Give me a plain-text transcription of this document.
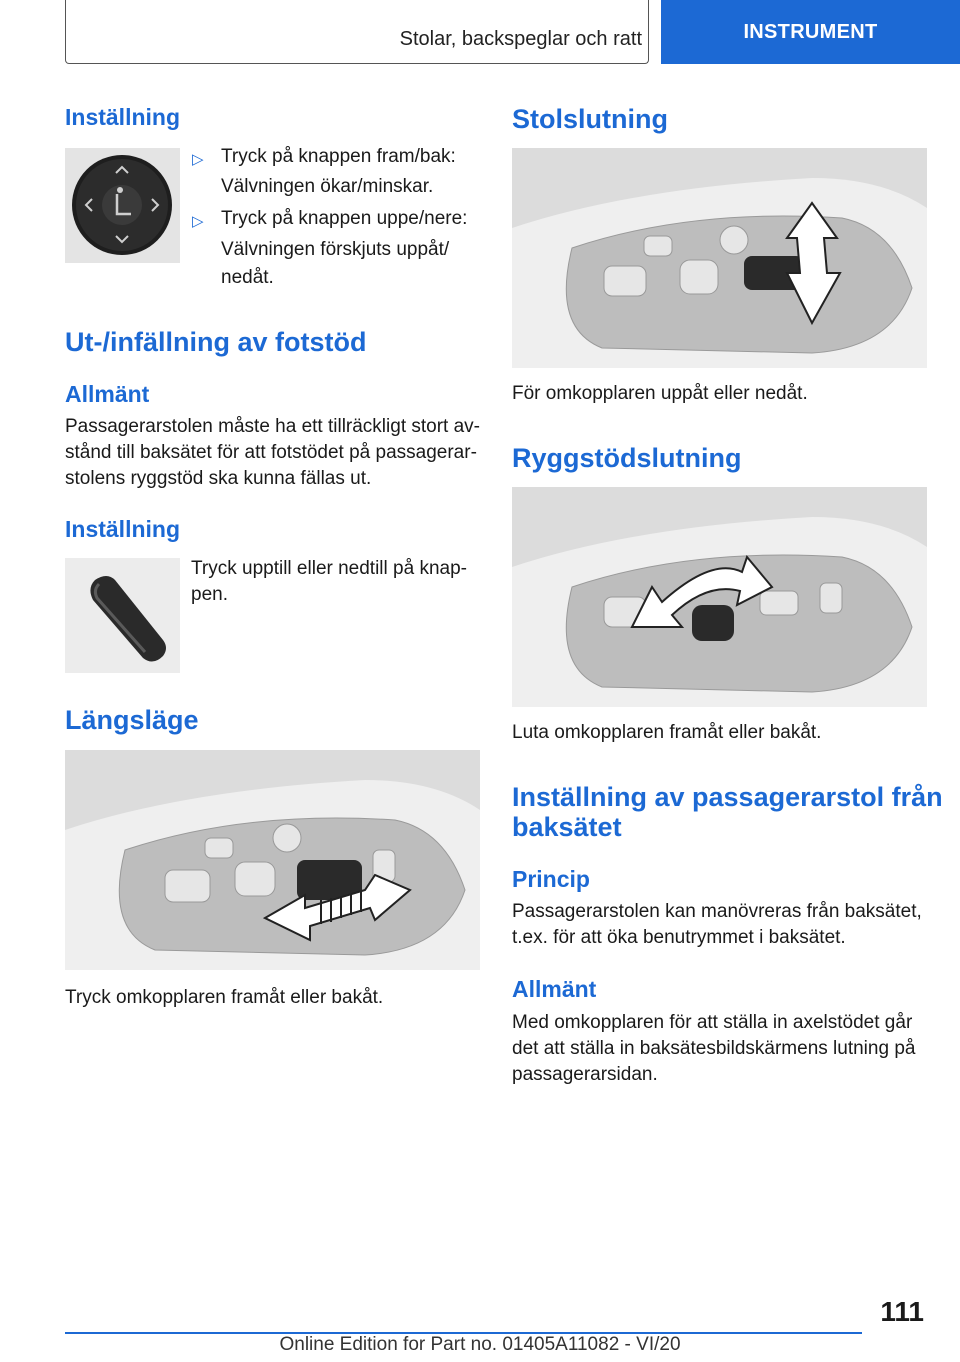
Stolar, backspeglar och ratt	INSTRUMENT
Inställning
▷ Tryck på knappen fram/bak:
Välvningen ökar/minskar.
▷ Tryck på knappen uppe/nere:
Välvningen förskjuts uppåt/
nedåt.
Ut-/infällning av fotstöd
Allmänt
Passagerarstolen måste ha ett tillräckligt stort av-
stånd till baksätet för att fotstödet på passagerar-
stolens ryggstöd ska kunna fällas ut.
Inställning
Tryck upptill eller nedtill på knap-
pen.
Längsläge
Tryck omkopplaren framåt eller bakåt.
Stolslutning
För omkopplaren uppåt eller nedåt.
Ryggstödslutning
Luta omkopplaren framåt eller bakåt.
Inställning av passagerarstol från
baksätet
Princip
Passagerarstolen kan manövreras från baksätet,
t.ex. för att öka benutrymmet i baksätet.
Allmänt
Med omkopplaren för att ställa in axelstödet går
det att ställa in baksätesbildskärmens lutning på
passagerarsidan.
111
Online Edition for Part no. 01405A11082 - VI/20
